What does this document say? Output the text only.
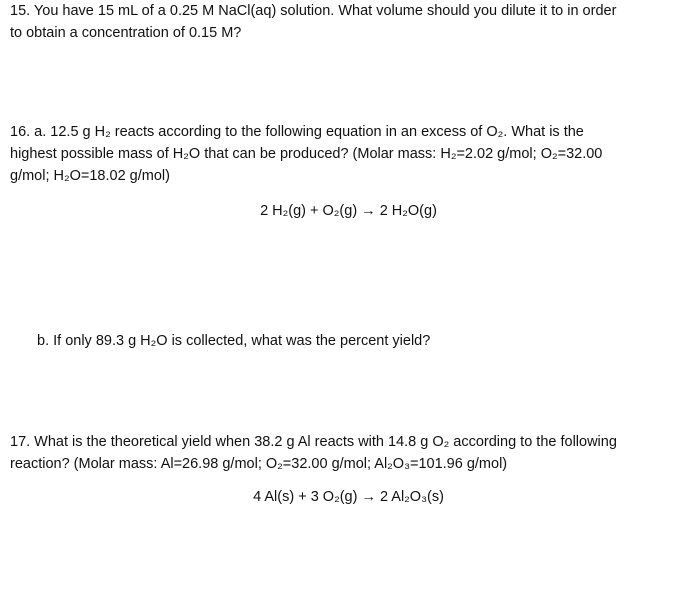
15. You have 15 mL of a 0.25 M NaCl(aq) solution. What volume should you dilute it to in order
to obtain a concentration of 0.15 M?
16. a. 12.5 g H₂ reacts according to the following equation in an excess of O₂. What is the
highest possible mass of H₂O that can be produced? (Molar mass: H₂=2.02 g/mol; O₂=32.00
g/mol; H₂O=18.02 g/mol)
2 H₂(g) + O₂(g) → 2 H₂O(g)
b. If only 89.3 g H₂O is collected, what was the percent yield?
17. What is the theoretical yield when 38.2 g Al reacts with 14.8 g O₂ according to the following
reaction? (Molar mass: Al=26.98 g/mol; O₂=32.00 g/mol; Al₂O₃=101.96 g/mol)
4 Al(s) + 3 O₂(g) → 2 Al₂O₃(s)
